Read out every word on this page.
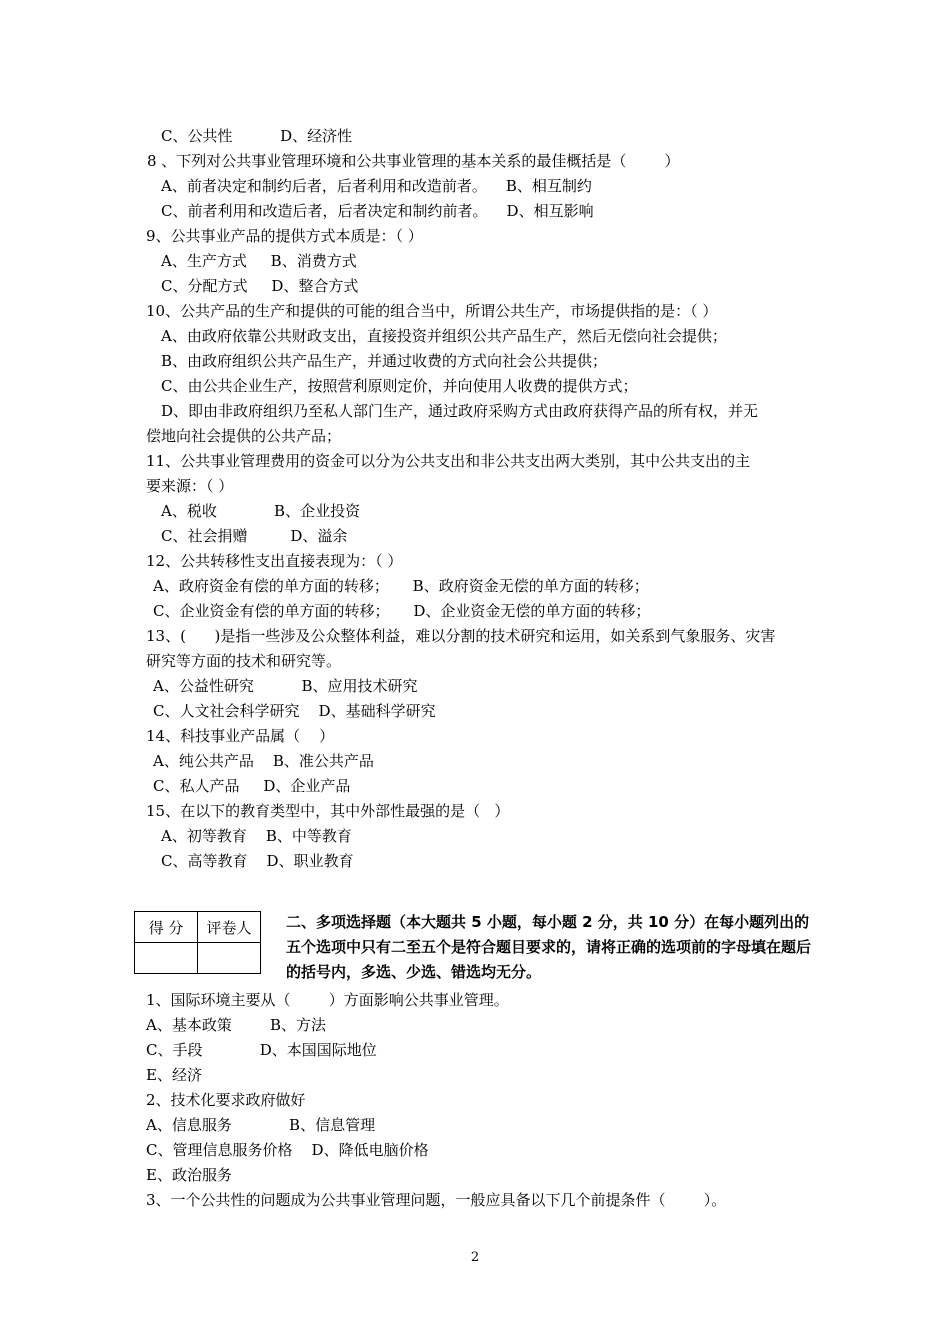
C、公共性          D、经济性
8 、下列对公共事业管理环境和公共事业管理的基本关系的最佳概括是（        ）
A、前者决定和制约后者，后者利用和改造前者。    B、相互制约
C、前者利用和改造后者，后者决定和制约前者。    D、相互影响
9、公共事业产品的提供方式本质是：（ ）
A、生产方式     B、消费方式
C、分配方式     D、整合方式
10、公共产品的生产和提供的可能的组合当中，所谓公共生产，市场提供指的是：（ ）
A、由政府依靠公共财政支出，直接投资并组织公共产品生产，然后无偿向社会提供；
B、由政府组织公共产品生产，并通过收费的方式向社会公共提供；
C、由公共企业生产，按照营利原则定价，并向使用人收费的提供方式；
D、即由非政府组织乃至私人部门生产，通过政府采购方式由政府获得产品的所有权，并无
偿地向社会提供的公共产品；
11、公共事业管理费用的资金可以分为公共支出和非公共支出两大类别，其中公共支出的主
要来源：（ ）
A、税收            B、企业投资
C、社会捐赠         D、溢余
12、公共转移性支出直接表现为：（ ）
A、政府资金有偿的单方面的转移；     B、政府资金无偿的单方面的转移；
C、企业资金有偿的单方面的转移；     D、企业资金无偿的单方面的转移；
13、(      )是指一些涉及公众整体利益，难以分割的技术研究和运用，如关系到气象服务、灾害
研究等方面的技术和研究等。
A、公益性研究          B、应用技术研究
C、人文社会科学研究    D、基础科学研究
14、科技事业产品属（    ）
A、纯公共产品    B、准公共产品
C、私人产品     D、企业产品
15、在以下的教育类型中，其中外部性最强的是（   ）
A、初等教育    B、中等教育
C、高等教育    D、职业教育
得 分	评卷人
	二、多项选择题（本大题共 5 小题，每小题 2 分，共 10 分）在每小题列出的五个选项中只有二至五个是符合题目要求的，请将正确的选项前的字母填在题后的括号内，多选、少选、错选均无分。
1、国际环境主要从（        ）方面影响公共事业管理。
A、基本政策        B、方法
C、手段            D、本国国际地位
E、经济
2、技术化要求政府做好
A、信息服务            B、信息管理
C、管理信息服务价格    D、降低电脑价格
E、政治服务
3、一个公共性的问题成为公共事业管理问题，一般应具备以下几个前提条件（        ）。
2
